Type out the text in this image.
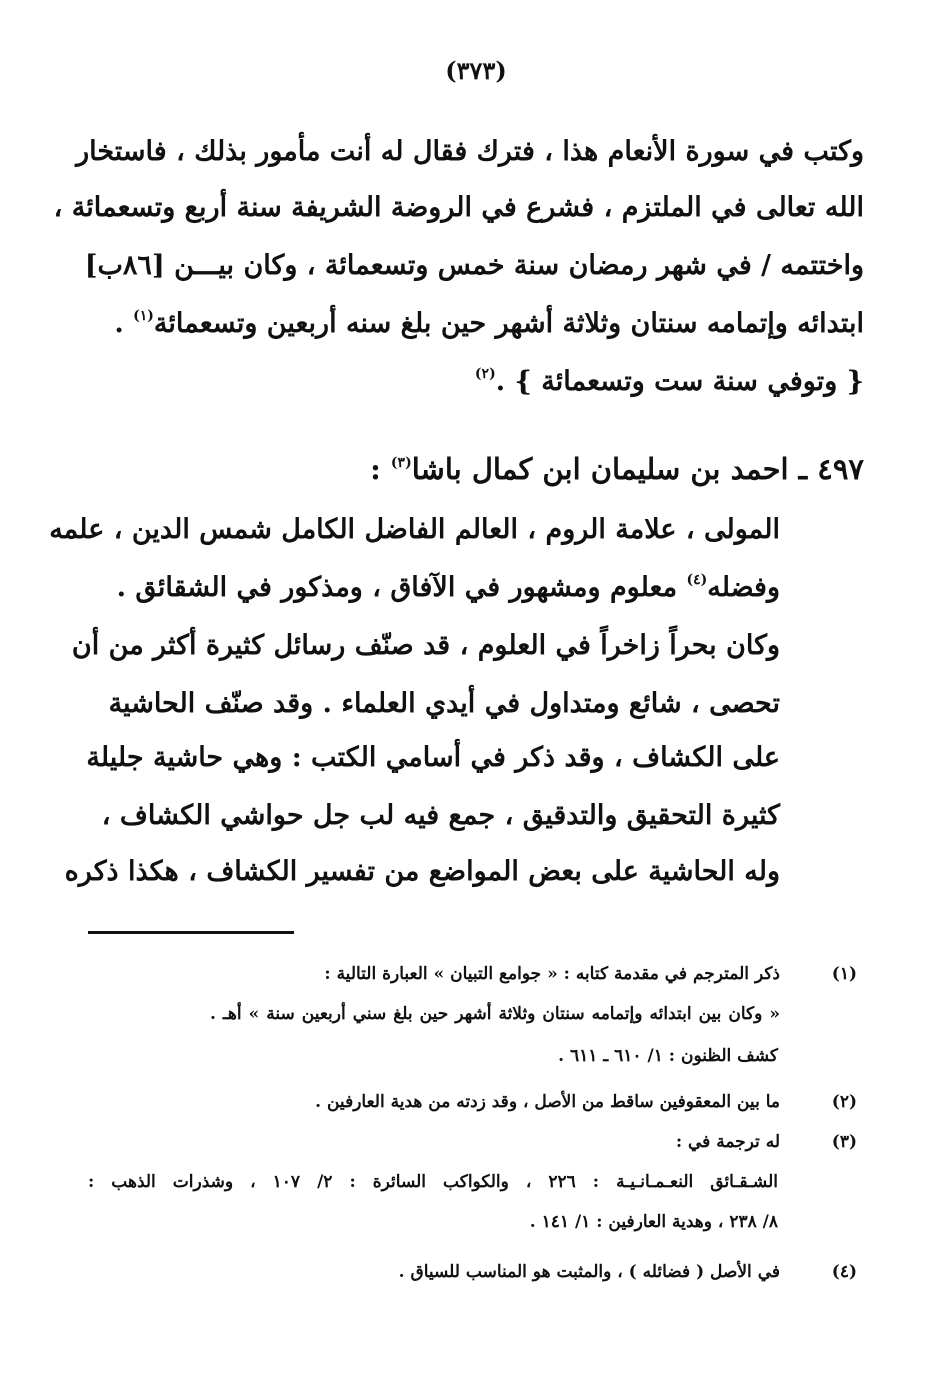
(٣٧٣)
وكتب في سورة الأنعام هذا ، فترك فقال له أنت مأمور بذلك ، فاستخار
الله تعالى في الملتزم ، فشرع في الروضة الشريفة سنة أربع وتسعمائة ،
واختتمه / في شهر رمضان سنة خمس وتسعمائة ، وكان بيـــن [٨٦ب]
ابتدائه وإتمامه سنتان وثلاثة أشهر حين بلغ سنه أربعين وتسعمائة$^{(١)}$ .
{ وتوفي سنة ست وتسعمائة } .$^{(٢)}$
٤٩٧ ـ احمد بن سليمان ابن كمال باشا$^{(٣)}$ :
المولى ، علامة الروم ، العالم الفاضل الكامل شمس الدين ، علمه
وفضله$^{(٤)}$ معلوم ومشهور في الآفاق ، ومذكور في الشقائق .
وكان بحراً زاخراً في العلوم ، قد صنّف رسائل كثيرة أكثر من أن
تحصى ، شائع ومتداول في أيدي العلماء . وقد صنّف الحاشية
على الكشاف ، وقد ذكر في أسامي الكتب : وهي حاشية جليلة
كثيرة التحقيق والتدقيق ، جمع فيه لب جل حواشي الكشاف ،
وله الحاشية على بعض المواضع من تفسير الكشاف ، هكذا ذكره
(١)
ذكر المترجم في مقدمة كتابه : « جوامع التبيان » العبارة التالية :
« وكان بين ابتدائه وإتمامه سنتان وثلاثة أشهر حين بلغ سني أربعين سنة » أهـ .
كشف الظنون : ١/ ٦١٠ ـ ٦١١ .
(٢)
ما بين المعقوفين ساقط من الأصل ، وقد زدته من هدية العارفين .
(٣)
له ترجمة في :
الشـقـائق النعـمـانـيـة : ٢٢٦ ، والكواكب السائرة : ٢/ ١٠٧ ، وشذرات الذهب :
٨/ ٢٣٨ ، وهدية العارفين : ١/ ١٤١ .
(٤)
في الأصل ( فضائله ) ، والمثبت هو المناسب للسياق .
